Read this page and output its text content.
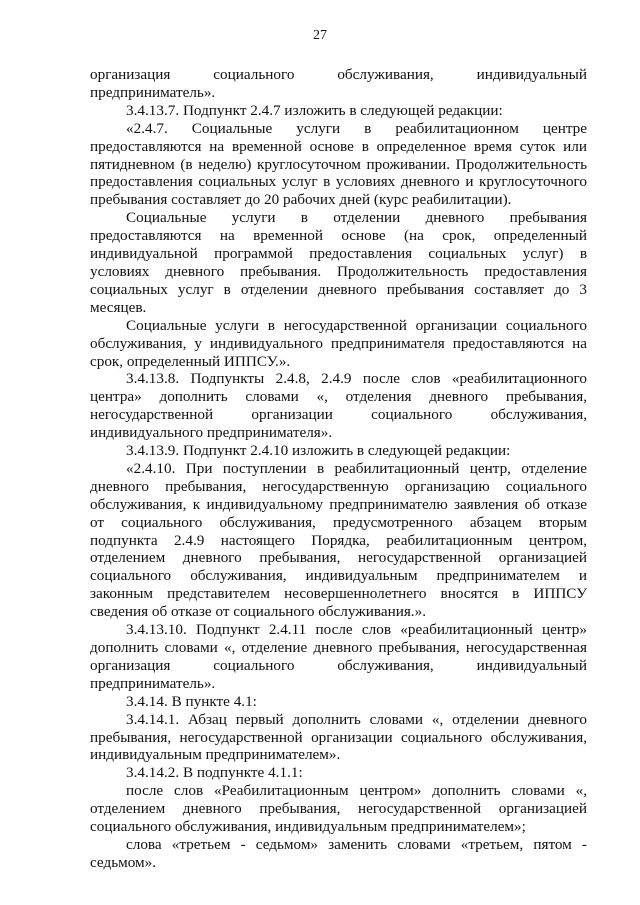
27

организация социального обслуживания, индивидуальный предприниматель».

3.4.13.7. Подпункт 2.4.7 изложить в следующей редакции:

«2.4.7. Социальные услуги в реабилитационном центре предоставляются на временной основе в определенное время суток или пятидневном (в неделю) круглосуточном проживании. Продолжительность предоставления социальных услуг в условиях дневного и круглосуточного пребывания составляет до 20 рабочих дней (курс реабилитации).

Социальные услуги в отделении дневного пребывания предоставляются на временной основе (на срок, определенный индивидуальной программой предоставления социальных услуг) в условиях дневного пребывания. Продолжительность предоставления социальных услуг в отделении дневного пребывания составляет до 3 месяцев.

Социальные услуги в негосударственной организации социального обслуживания, у индивидуального предпринимателя предоставляются на срок, определенный ИППСУ.».

3.4.13.8. Подпункты 2.4.8, 2.4.9 после слов «реабилитационного центра» дополнить словами «, отделения дневного пребывания, негосударственной организации социального обслуживания, индивидуального предпринимателя».

3.4.13.9. Подпункт 2.4.10 изложить в следующей редакции:

«2.4.10. При поступлении в реабилитационный центр, отделение дневного пребывания, негосударственную организацию социального обслуживания, к индивидуальному предпринимателю заявления об отказе от социального обслуживания, предусмотренного абзацем вторым подпункта 2.4.9 настоящего Порядка, реабилитационным центром, отделением дневного пребывания, негосударственной организацией социального обслуживания, индивидуальным предпринимателем и законным представителем несовершеннолетнего вносятся в ИППСУ сведения об отказе от социального обслуживания.».

3.4.13.10. Подпункт 2.4.11 после слов «реабилитационный центр» дополнить словами «, отделение дневного пребывания, негосударственная организация социального обслуживания, индивидуальный предприниматель».

3.4.14. В пункте 4.1:

3.4.14.1. Абзац первый дополнить словами «, отделении дневного пребывания, негосударственной организации социального обслуживания, индивидуальным предпринимателем».

3.4.14.2. В подпункте 4.1.1:

после слов «Реабилитационным центром» дополнить словами «, отделением дневного пребывания, негосударственной организацией социального обслуживания, индивидуальным предпринимателем»;

слова «третьем - седьмом» заменить словами «третьем, пятом - седьмом».
